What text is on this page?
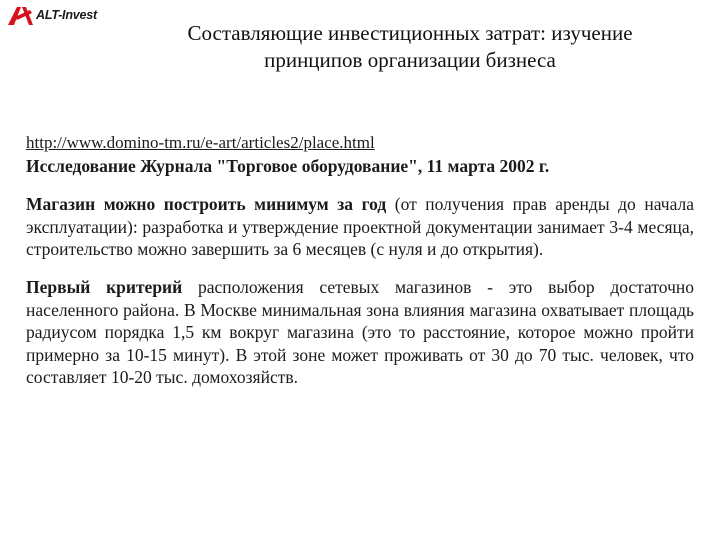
ALT-Invest
Составляющие инвестиционных затрат: изучение принципов организации бизнеса
http://www.domino-tm.ru/e-art/articles2/place.html
Исследование Журнала "Торговое оборудование", 11 марта 2002 г.

Магазин можно построить минимум за год (от получения прав аренды до начала эксплуатации): разработка и утверждение проектной документации занимает 3-4 месяца, строительство можно завершить за 6 месяцев (с нуля и до открытия).

Первый критерий расположения сетевых магазинов - это выбор достаточно населенного района. В Москве минимальная зона влияния магазина охватывает площадь радиусом порядка 1,5 км вокруг магазина (это то расстояние, которое можно пройти примерно за 10-15 минут). В этой зоне может проживать от 30 до 70 тыс. человек, что составляет 10-20 тыс. домохозяйств.
